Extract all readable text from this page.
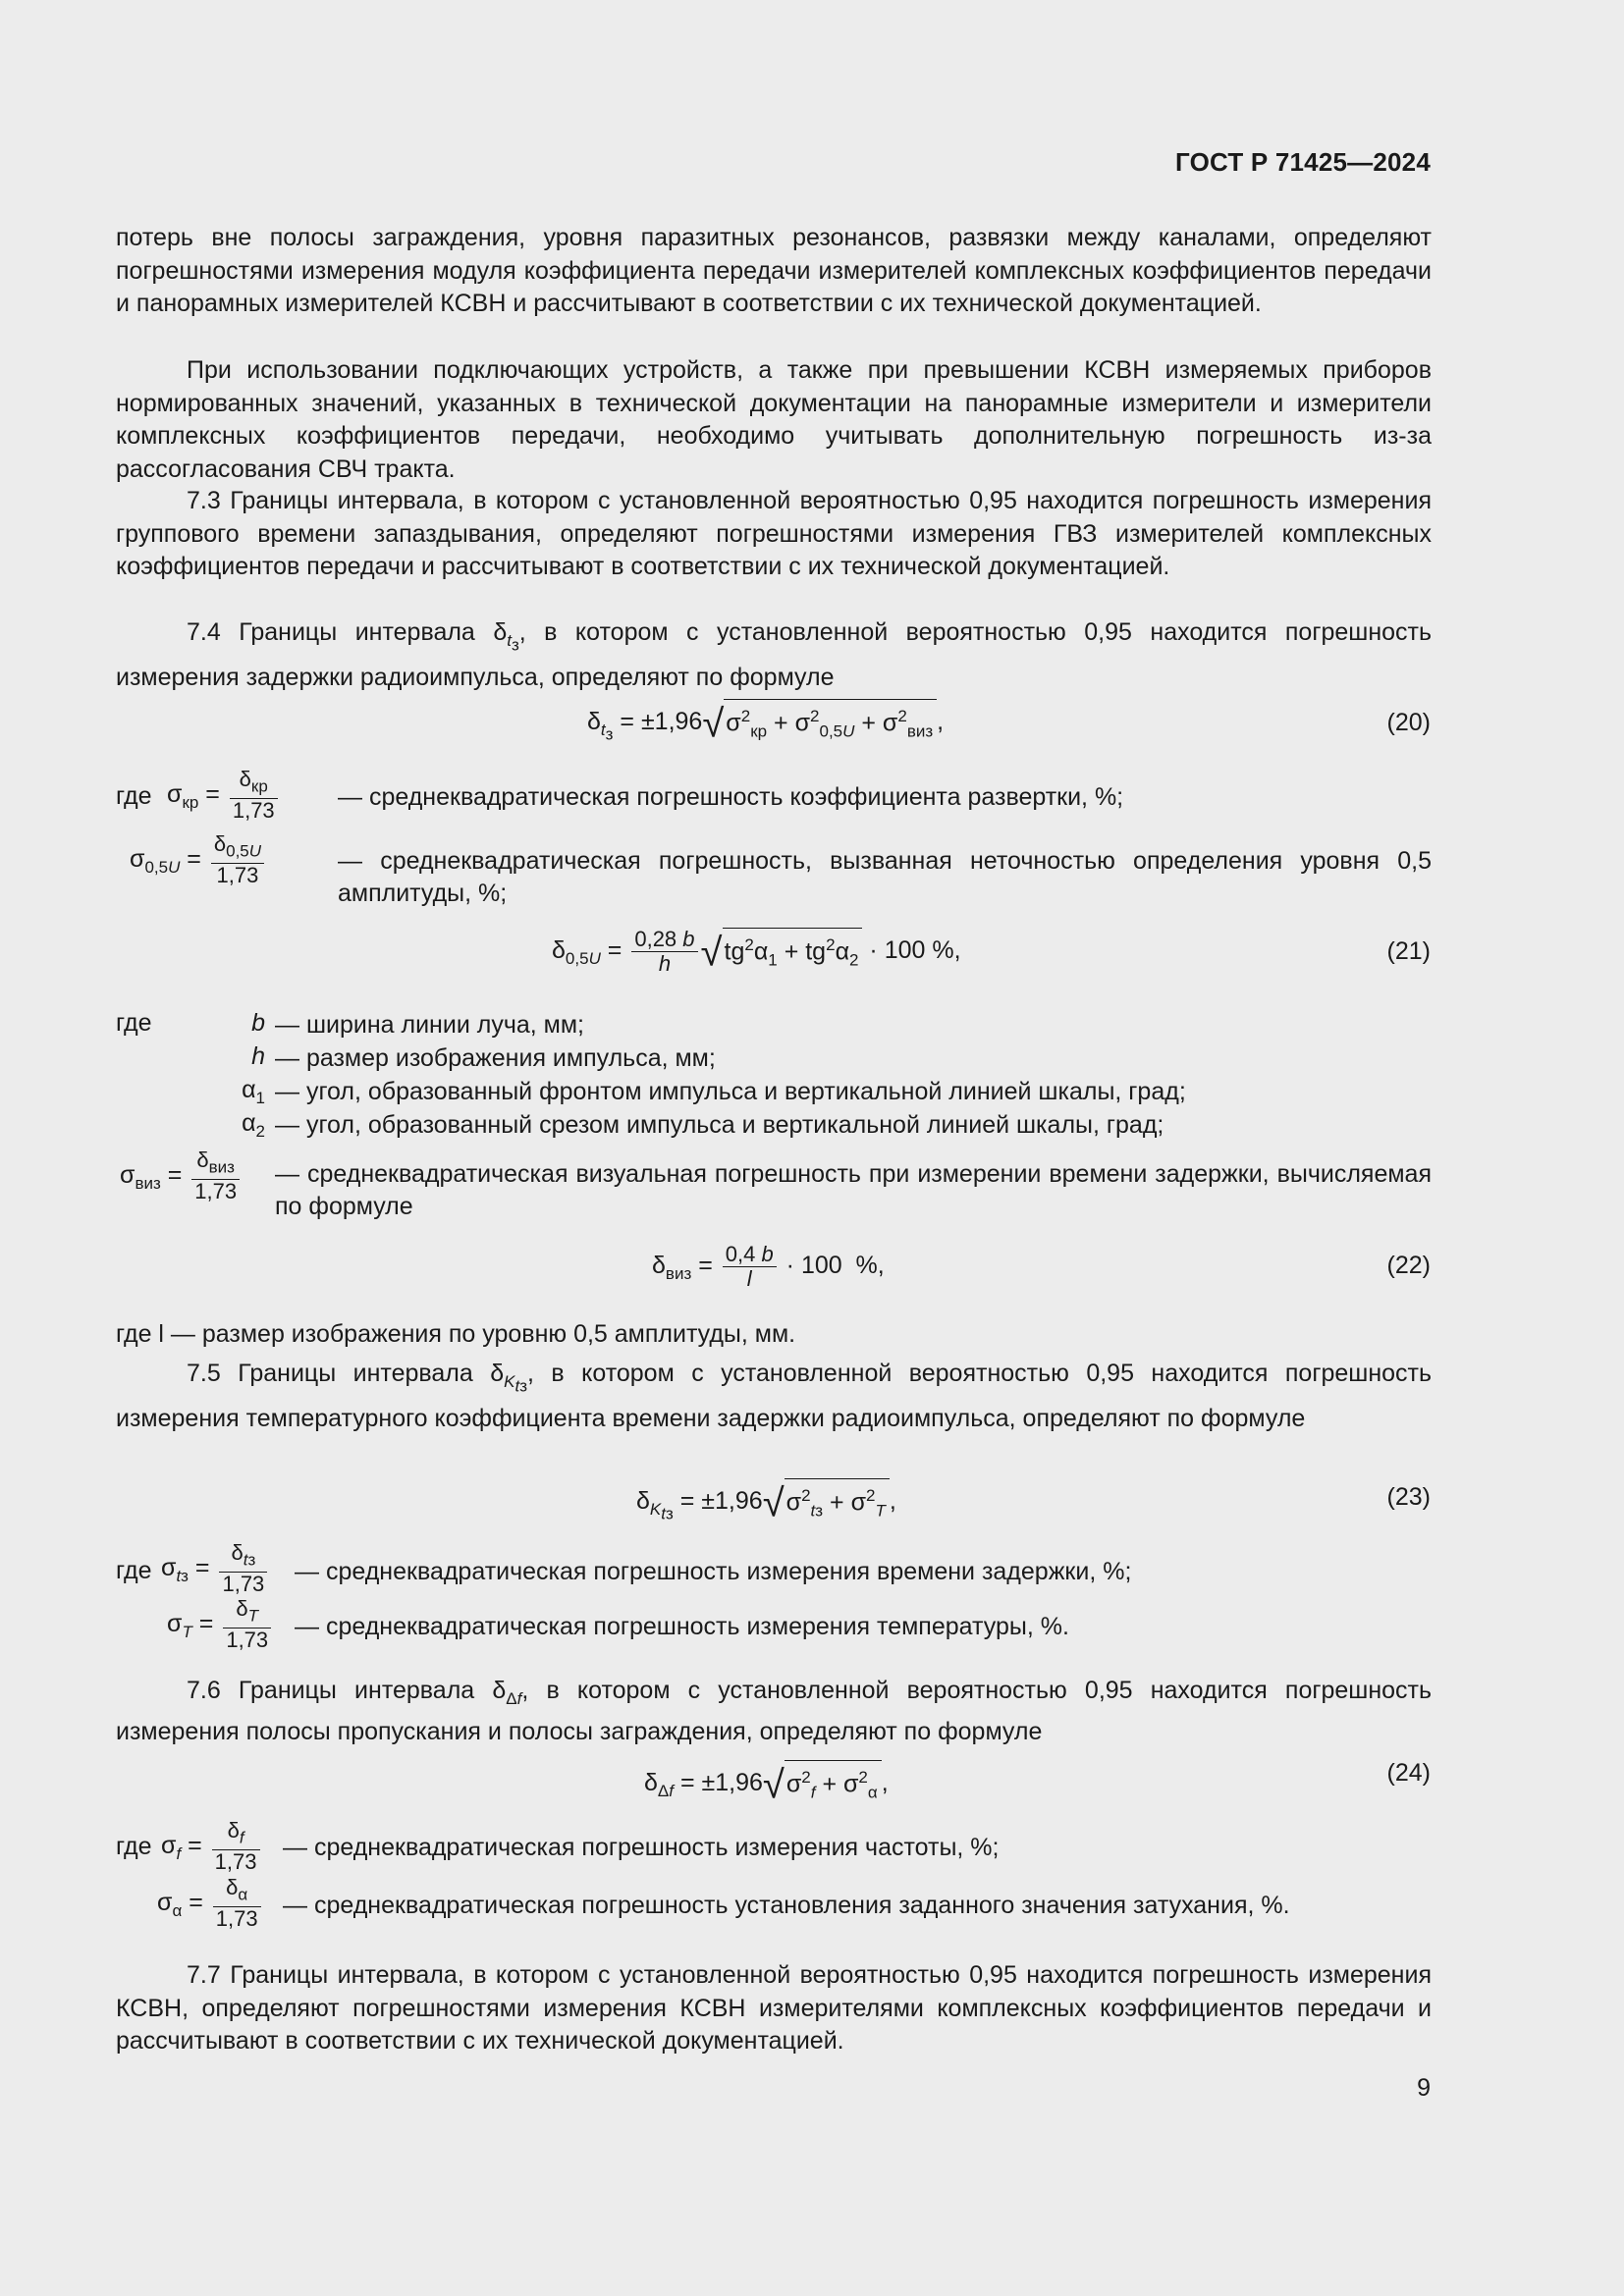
ГОСТ Р 71425—2024
потерь вне полосы заграждения, уровня паразитных резонансов, развязки между каналами, определяют погрешностями измерения модуля коэффициента передачи измерителей комплексных коэффициентов передачи и панорамных измерителей КСВН и рассчитывают в соответствии с их технической документацией.
При использовании подключающих устройств, а также при превышении КСВН измеряемых приборов нормированных значений, указанных в технической документации на панорамные измерители и измерители комплексных коэффициентов передачи, необходимо учитывать дополнительную погрешность из-за рассогласования СВЧ тракта.
7.3 Границы интервала, в котором с установленной вероятностью 0,95 находится погрешность измерения группового времени запаздывания, определяют погрешностями измерения ГВЗ измерителей комплексных коэффициентов передачи и рассчитывают в соответствии с их технической документацией.
7.4 Границы интервала $\delta_{t_з}$, в котором с установленной вероятностью 0,95 находится погрешность измерения задержки радиоимпульса, определяют по формуле
$\delta_{t_з} = \pm 1,96√\sigma^2_{кр} + \sigma^2_{0,5U} + \sigma^2_{виз}$ ,	(20)
где $\sigma_{кр} = \frac{\delta_{кр}}{1,73}$ — среднеквадратическая погрешность коэффициента развертки, %;
$\sigma_{0,5U} = \frac{\delta_{0,5U}}{1,73}$	— среднеквадратическая погрешность, вызванная неточностью определения уровня 0,5 амплитуды, %;
$\delta_{0,5U} = \frac{0,28 b}{h} √tg^2\alpha_1 + tg^2\alpha_2 \cdot 100$ %,	(21)
где	b — ширина линии луча, мм;
h — размер изображения импульса, мм;
$\alpha_1$ — угол, образованный фронтом импульса и вертикальной линией шкалы, град;
$\alpha_2$ — угол, образованный срезом импульса и вертикальной линией шкалы, град;
$\sigma_{виз} = \frac{\delta_{виз}}{1,73}$ — среднеквадратическая визуальная погрешность при измерении времени задержки, вычисляемая по формуле
$\delta_{виз} = \frac{0,4 b}{l} \cdot 100$  %,	(22)
где l — размер изображения по уровню 0,5 амплитуды, мм.
7.5 Границы интервала $\delta_{K_{tз}}$, в котором с установленной вероятностью 0,95 находится погрешность измерения температурного коэффициента времени задержки радиоимпульса, определяют по формуле
$\delta_{K_{tз}} = \pm 1,96√\sigma^2_{tз} + \sigma^2_T$ ,	(23)
где $\sigma_{tз} = \frac{\delta_{tз}}{1,73}$ — среднеквадратическая погрешность измерения времени задержки, %;
$\sigma_T = \frac{\delta_T}{1,73}$ — среднеквадратическая погрешность измерения температуры, %.
7.6 Границы интервала $\delta_{\Delta f}$, в котором с установленной вероятностью 0,95 находится погрешность измерения полосы пропускания и полосы заграждения, определяют по формуле
$\delta_{\Delta f} = \pm 1,96√\sigma^2_f + \sigma^2_\alpha$ ,	(24)
где $\sigma_f = \frac{\delta_f}{1,73}$ — среднеквадратическая погрешность измерения частоты, %;
$\sigma_\alpha = \frac{\delta_\alpha}{1,73}$ — среднеквадратическая погрешность установления заданного значения затухания, %.
7.7 Границы интервала, в котором с установленной вероятностью 0,95 находится погрешность измерения КСВН, определяют погрешностями измерения КСВН измерителями комплексных коэффициентов передачи и рассчитывают в соответствии с их технической документацией.
9
